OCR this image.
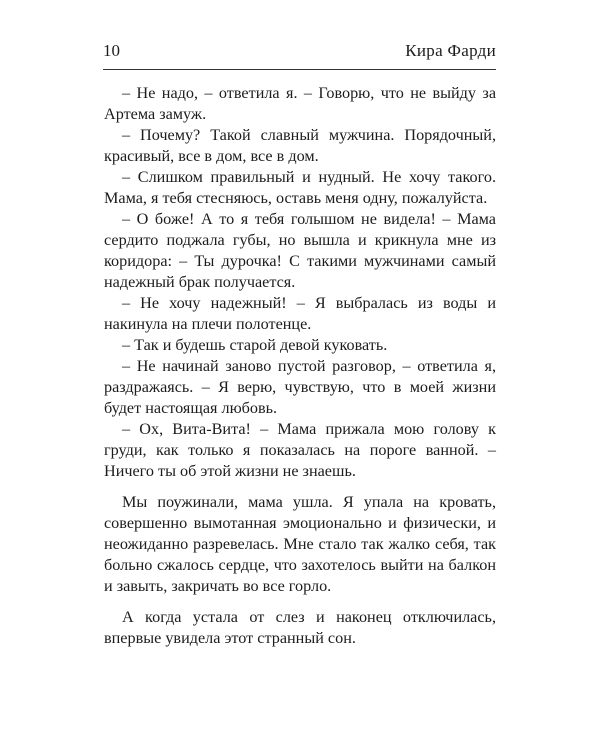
10	Кира Фарди

– Не надо, – ответила я. – Говорю, что не выйду за Артема замуж.

– Почему? Такой славный мужчина. Порядочный, красивый, все в дом, все в дом.

– Слишком правильный и нудный. Не хочу такого. Мама, я тебя стесняюсь, оставь меня одну, пожалуйста.

– О боже! А то я тебя голышом не видела! – Мама сердито поджала губы, но вышла и крикнула мне из коридора: – Ты дурочка! С такими мужчинами самый надежный брак получается.

– Не хочу надежный! – Я выбралась из воды и накинула на плечи полотенце.

– Так и будешь старой девой куковать.

– Не начинай заново пустой разговор, – ответила я, раздражаясь. – Я верю, чувствую, что в моей жизни будет настоящая любовь.

– Ох, Вита-Вита! – Мама прижала мою голову к груди, как только я показалась на пороге ванной. – Ничего ты об этой жизни не знаешь.

Мы поужинали, мама ушла. Я упала на кровать, совершенно вымотанная эмоционально и физически, и неожиданно разревелась. Мне стало так жалко себя, так больно сжалось сердце, что захотелось выйти на балкон и завыть, закричать во все горло.

А когда устала от слез и наконец отключилась, впервые увидела этот странный сон.
